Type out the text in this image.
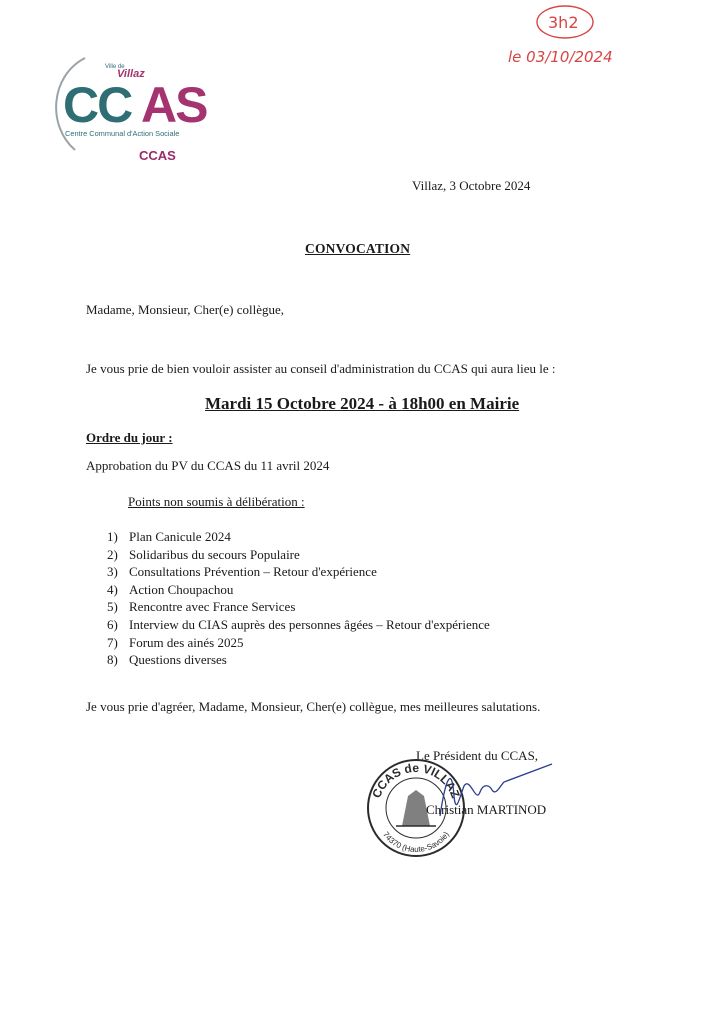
Ville de
Villaz
CC AS
Centre Communal d'Action Sociale
CCAS
3h2
le 03/10/2024
Villaz, 3 Octobre 2024
CONVOCATION
Madame, Monsieur, Cher(e) collègue,
Je vous prie de bien vouloir assister au conseil d'administration du CCAS qui aura lieu le :
Mardi 15 Octobre 2024 - à 18h00 en Mairie
Ordre du jour :
Approbation du PV du CCAS du 11 avril 2024
Points non soumis à délibération :
1) Plan Canicule 2024
2) Solidaribus du secours Populaire
3) Consultations Prévention – Retour d'expérience
4) Action Choupachou
5) Rencontre avec France Services
6) Interview du CIAS auprès des personnes âgées – Retour d'expérience
7) Forum des ainés 2025
8) Questions diverses
Je vous prie d'agréer, Madame, Monsieur, Cher(e) collègue, mes meilleures salutations.
Le Président du CCAS,
CCAS de VILLAZ
74370 (Haute-Savoie)
Christian MARTINOD
